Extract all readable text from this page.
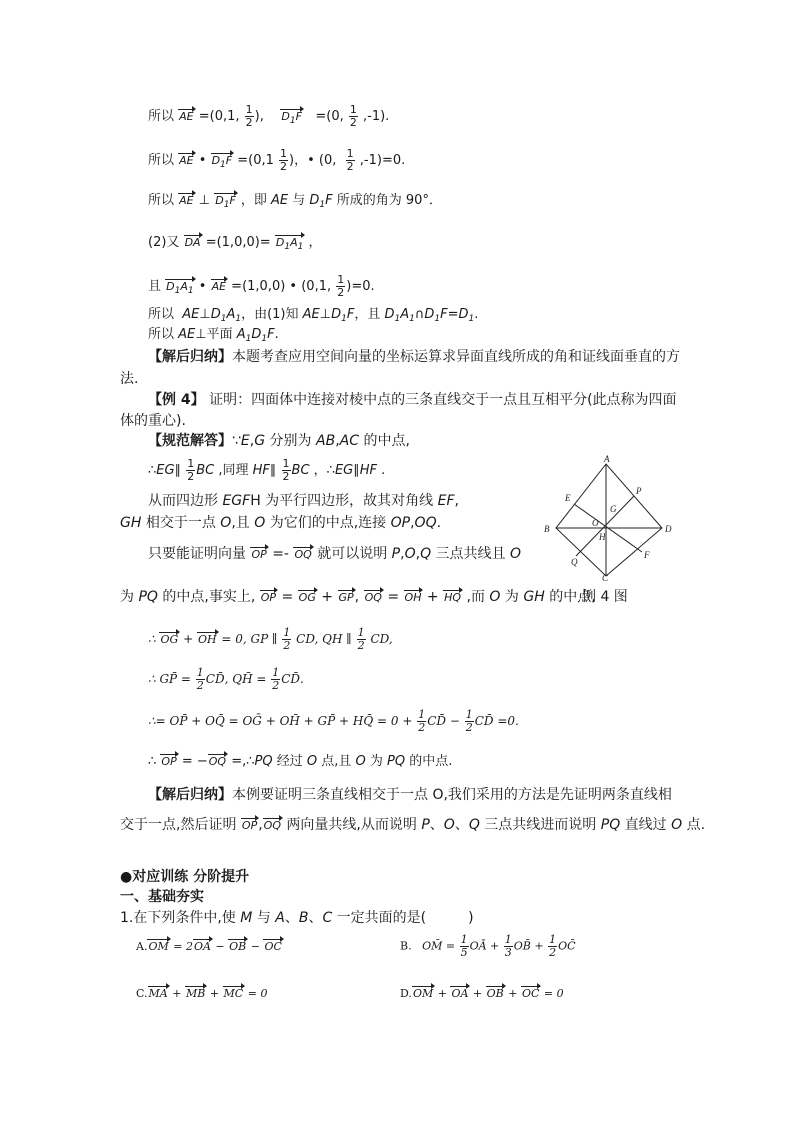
所以 AE =(0,1, $\frac{1}{2}$ ),    $D_1F =(0$, $\frac{1}{2} ,-1$).
所以 AE • $D_1F =(0,1 \frac{1}{2}$ )，• (0, $\frac{1}{2} ,-1)=0$.
所以 AE ⊥ $D_1F$ ，即 AE 与 $D_1F$ 所成的角为 90°．
(2)又 DA $=(1,0,0)= D_1A_1$ ，
且 $D_1A_1$ • AE =(1,0,0) • (0,1, $\frac{1}{2} )=0$.
所以  $AE\perp D_1A_1$，由(1)知 $AE\perp D_1F$，且 $D_1A_1\cap D_1F=D_1$.
所以 AE⊥平面 $A_1D_1F$.
【解后归纳】本题考查应用空间向量的坐标运算求异面直线所成的角和证线面垂直的方
法.
【例 4】 证明：四面体中连接对棱中点的三条直线交于一点且互相平分(此点称为四面
体的重心).
【规范解答】∵E,G 分别为 AB,AC 的中点,
∴EG∥ $\frac{1}{2}$ BC ,同理 HF∥ $\frac{1}{2}$ BC ，∴EG∥HF .
从而四边形 EGFH 为平行四边形，故其对角线 EF,
GH 相交于一点 O,且 O 为它们的中点,连接 OP,OQ.
只要能证明向量 OP =- OQ 就可以说明 P,O,Q 三点共线且 O
为 PQ 的中点,事实上, OP = OG + GP, OQ = OH + HQ ,而 O 为 GH 的中点,
例 4 图
∴ OG + OH = 0, GP ∥ $\frac{1}{2}$ CD, QH ∥ $\frac{1}{2}$ CD,
∴ GP̄ = $\frac{1}{2}$ CD̄, QH̄ = $\frac{1}{2}$ CD̄.
∴= OP̄ + OQ̄ = OḠ + OH̄ + GP̄ + HQ̄ = $0 + \frac{1}{2}$ CD̄ − $\frac{1}{2}$ CD̄ =0.
∴ OP = −OQ =,∴PQ 经过 O 点,且 O 为 PQ 的中点.
【解后归纳】本例要证明三条直线相交于一点 O,我们采用的方法是先证明两条直线相
交于一点,然后证明 OP,OQ 两向量共线,从而说明 P、O、Q 三点共线进而说明 PQ 直线过 O 点.
●对应训练 分阶提升
一、基础夯实
1.在下列条件中,使 M 与 A、B、C 一定共面的是(　　　)
A.OM = 2OA − OB − OC	B.   OM̄ = $\frac{1}{5}$ OĀ + $\frac{1}{3}$ OB̄ + $\frac{1}{2}$ OC̄
C.MA + MB + MC = 0	D.OM + OA + OB + OC = 0
A
B
C
D
E
P
G
O
H
Q
F
